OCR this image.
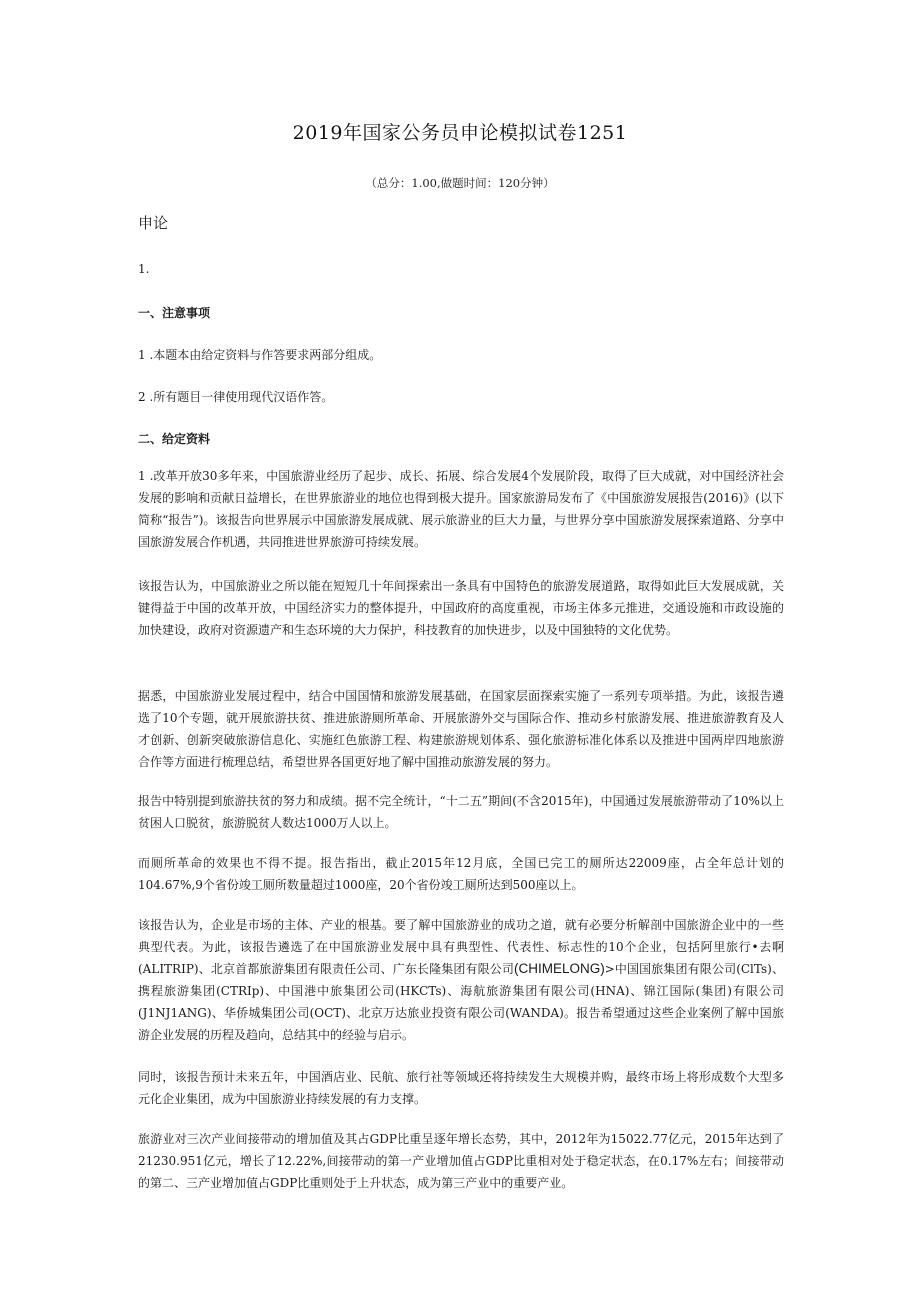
2019年国家公务员申论模拟试卷1251
（总分：1.00,做题时间：120分钟）
申论
1.
一、注意事项
1 .本题本由给定资料与作答要求两部分组成。
2 .所有题目一律使用现代汉语作答。
二、给定资料
1 .改革开放30多年来，中国旅游业经历了起步、成长、拓展、综合发展4个发展阶段，取得了巨大成就，对中国经济社会发展的影响和贡献日益增长，在世界旅游业的地位也得到极大提升。国家旅游局发布了《中国旅游发展报告(2016)》(以下简称“报告”)。该报告向世界展示中国旅游发展成就、展示旅游业的巨大力量，与世界分享中国旅游发展探索道路、分享中国旅游发展合作机遇，共同推进世界旅游可持续发展。
该报告认为，中国旅游业之所以能在短短几十年间探索出一条具有中国特色的旅游发展道路，取得如此巨大发展成就，关键得益于中国的改革开放，中国经济实力的整体提升，中国政府的高度重视，市场主体多元推进，交通设施和市政设施的加快建设，政府对资源遗产和生态环境的大力保护，科技教育的加快进步，以及中国独特的文化优势。
据悉，中国旅游业发展过程中，结合中国国情和旅游发展基础，在国家层面探索实施了一系列专项举措。为此，该报告遴选了10个专题，就开展旅游扶贫、推进旅游厕所革命、开展旅游外交与国际合作、推动乡村旅游发展、推进旅游教育及人才创新、创新突破旅游信息化、实施红色旅游工程、构建旅游规划体系、强化旅游标准化体系以及推进中国两岸四地旅游合作等方面进行梳理总结，希望世界各国更好地了解中国推动旅游发展的努力。
报告中特别提到旅游扶贫的努力和成绩。据不完全统计，“十二五”期间(不含2015年)，中国通过发展旅游带动了10%以上贫困人口脱贫，旅游脱贫人数达1000万人以上。
而厕所革命的效果也不得不提。报告指出，截止2015年12月底，全国已完工的厕所达22009座，占全年总计划的104.67%,9个省份竣工厕所数量超过1000座，20个省份竣工厕所达到500座以上。
该报告认为，企业是市场的主体、产业的根基。要了解中国旅游业的成功之道，就有必要分析解剖中国旅游企业中的一些典型代表。为此，该报告遴选了在中国旅游业发展中具有典型性、代表性、标志性的10个企业，包括阿里旅行•去啊(ALITRIP)、北京首都旅游集团有限责任公司、广东长隆集团有限公司(CHIMELONG)>中国国旅集团有限公司(ClTs)、携程旅游集团(CTRIp)、中国港中旅集团公司(HKCTs)、海航旅游集团有限公司(HNA)、锦江国际(集团)有限公司(J1NJ1ANG)、华侨城集团公司(OCT)、北京万达旅业投资有限公司(WANDA)。报告希望通过这些企业案例了解中国旅游企业发展的历程及趋向，总结其中的经验与启示。
同时，该报告预计未来五年，中国酒店业、民航、旅行社等领域还将持续发生大规模并购，最终市场上将形成数个大型多元化企业集团，成为中国旅游业持续发展的有力支撑。
旅游业对三次产业间接带动的增加值及其占GDP比重呈逐年增长态势，其中，2012年为15022.77亿元，2015年达到了21230.951亿元，增长了12.22%,间接带动的第一产业增加值占GDP比重相对处于稳定状态，在0.17%左右；间接带动的第二、三产业增加值占GDP比重则处于上升状态，成为第三产业中的重要产业。
